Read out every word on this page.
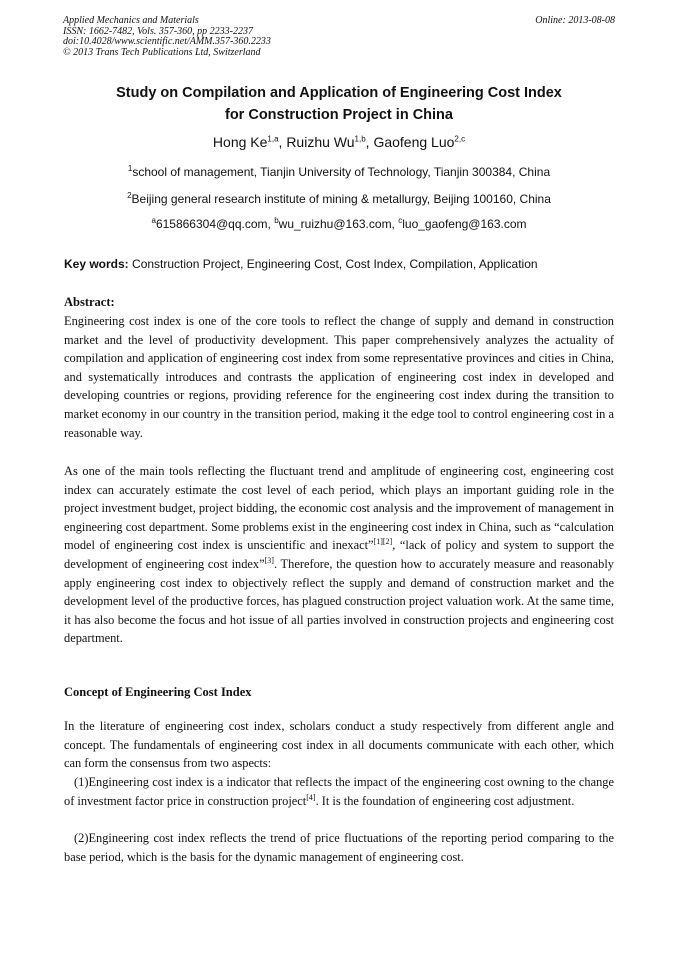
Applied Mechanics and Materials
ISSN: 1662-7482, Vols. 357-360, pp 2233-2237
doi:10.4028/www.scientific.net/AMM.357-360.2233
© 2013 Trans Tech Publications Ltd, Switzerland
Online: 2013-08-08
Study on Compilation and Application of Engineering Cost Index
for Construction Project in China
Hong Ke$^{1,a}$, Ruizhu Wu$^{1,b}$, Gaofeng Luo$^{2,c}$
$^1$school of management, Tianjin University of Technology, Tianjin 300384, China
$^2$Beijing general research institute of mining & metallurgy, Beijing 100160, China
$^a$615866304@qq.com, $^b$wu_ruizhu@163.com, $^c$luo_gaofeng@163.com
Key words: Construction Project, Engineering Cost, Cost Index, Compilation, Application
Abstract:
Engineering cost index is one of the core tools to reflect the change of supply and demand in construction market and the level of productivity development. This paper comprehensively analyzes the actuality of compilation and application of engineering cost index from some representative provinces and cities in China, and systematically introduces and contrasts the application of engineering cost index in developed and developing countries or regions, providing reference for the engineering cost index during the transition to market economy in our country in the transition period, making it the edge tool to control engineering cost in a reasonable way.
As one of the main tools reflecting the fluctuant trend and amplitude of engineering cost, engineering cost index can accurately estimate the cost level of each period, which plays an important guiding role in the project investment budget, project bidding, the economic cost analysis and the improvement of management in engineering cost department. Some problems exist in the engineering cost index in China, such as “calculation model of engineering cost index is unscientific and inexact”[1][2], “lack of policy and system to support the development of engineering cost index”[3]. Therefore, the question how to accurately measure and reasonably apply engineering cost index to objectively reflect the supply and demand of construction market and the development level of the productive forces, has plagued construction project valuation work. At the same time, it has also become the focus and hot issue of all parties involved in construction projects and engineering cost department.
Concept of Engineering Cost Index
In the literature of engineering cost index, scholars conduct a study respectively from different angle and concept. The fundamentals of engineering cost index in all documents communicate with each other, which can form the consensus from two aspects:
(1)Engineering cost index is a indicator that reflects the impact of the engineering cost owning to the change of investment factor price in construction project[4]. It is the foundation of engineering cost adjustment.
(2)Engineering cost index reflects the trend of price fluctuations of the reporting period comparing to the base period, which is the basis for the dynamic management of engineering cost.
